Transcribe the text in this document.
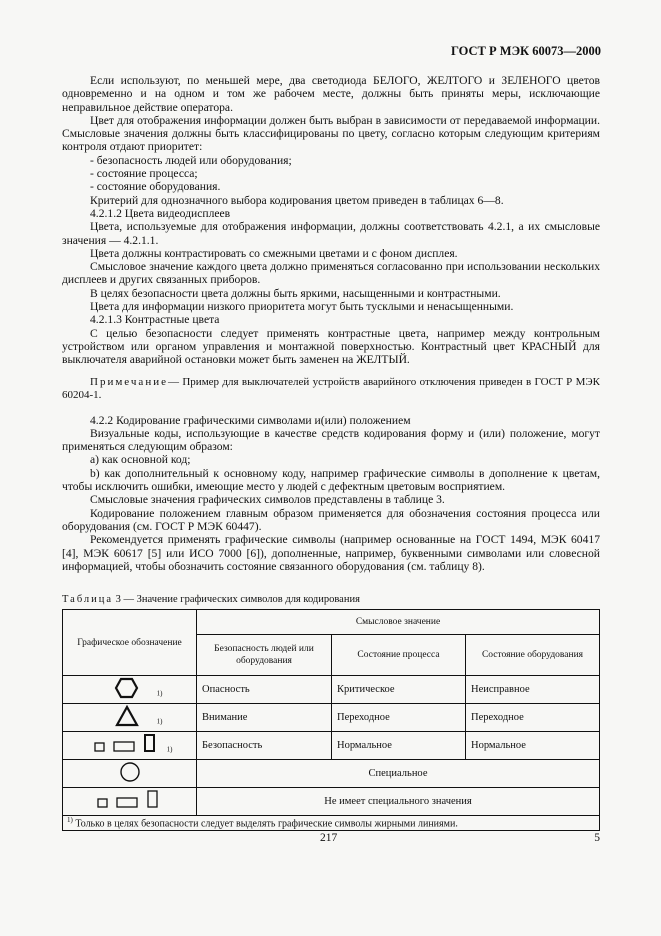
ГОСТ Р МЭК 60073—2000

Если используют, по меньшей мере, два светодиода БЕЛОГО, ЖЕЛТОГО и ЗЕЛЕНОГО цветов одновременно и на одном и том же рабочем месте, должны быть приняты меры, исключающие неправильное действие оператора.

Цвет для отображения информации должен быть выбран в зависимости от передаваемой информации. Смысловые значения должны быть классифицированы по цвету, согласно которым следующим критериям контроля отдают приоритет:

- безопасность людей или оборудования;

- состояние процесса;

- состояние оборудования.

Критерий для однозначного выбора кодирования цветом приведен в таблицах 6—8.

4.2.1.2 Цвета видеодисплеев

Цвета, используемые для отображения информации, должны соответствовать 4.2.1, а их смысловые значения — 4.2.1.1.

Цвета должны контрастировать со смежными цветами и с фоном дисплея.

Смысловое значение каждого цвета должно применяться согласованно при использовании нескольких дисплеев и других связанных приборов.

В целях безопасности цвета должны быть яркими, насыщенными и контрастными.

Цвета для информации низкого приоритета могут быть тусклыми и ненасыщенными.

4.2.1.3 Контрастные цвета

С целью безопасности следует применять контрастные цвета, например между контрольным устройством или органом управления и монтажной поверхностью. Контрастный цвет КРАСНЫЙ для выключателя аварийной остановки может быть заменен на ЖЕЛТЫЙ.

Примечание— Пример для выключателей устройств аварийного отключения приведен в ГОСТ Р МЭК 60204-1.

4.2.2 Кодирование графическими символами и(или) положением

Визуальные коды, использующие в качестве средств кодирования форму и (или) положение, могут применяться следующим образом:

а) как основной код;

b) как дополнительный к основному коду, например графические символы в дополнение к цветам, чтобы исключить ошибки, имеющие место у людей с дефектным цветовым восприятием.

Смысловые значения графических символов представлены в таблице 3.

Кодирование положением главным образом применяется для обозначения состояния процесса или оборудования (см. ГОСТ Р МЭК 60447).

Рекомендуется применять графические символы (например основанные на ГОСТ 1494, МЭК 60417 [4], МЭК 60617 [5] или ИСО 7000 [6]), дополненные, например, буквенными символами или словесной информацией, чтобы обозначить состояние связанного оборудования (см. таблицу 8).

Таблица 3 — Значение графических символов для кодирования
Графическое обозначение	Смысловое значение		
	Безопасность людей или оборудования	Состояние процесса	Состояние оборудования
$^{1)}$	Опасность	Критическое	Неисправное
$^{1)}$	Внимание	Переходное	Переходное
$^{1)}$	Безопасность	Нормальное	Нормальное
	Специальное		
	Не имеет специального значения		
$^{1)}$ Только в целях безопасности следует выделять графические символы жирными линиями.			
217	5
